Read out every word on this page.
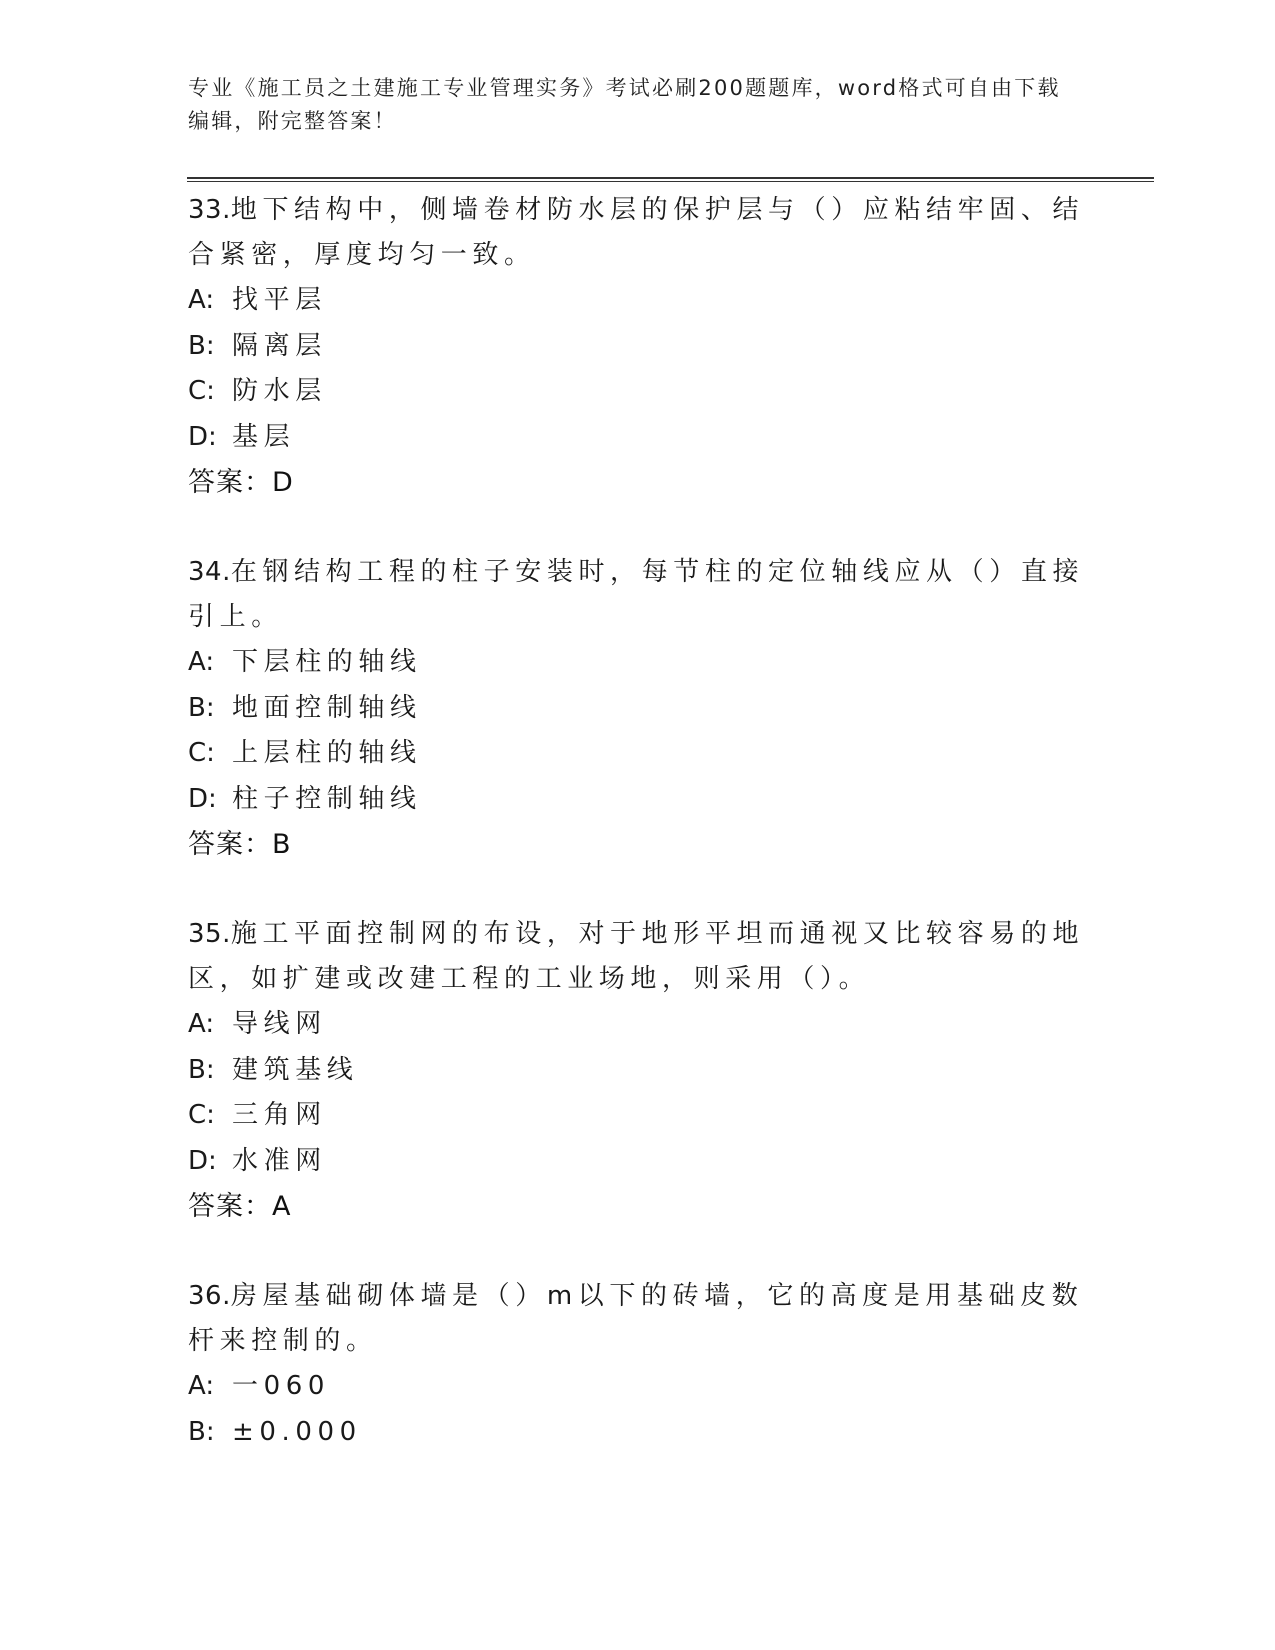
专业《施工员之土建施工专业管理实务》考试必刷200题题库，word格式可自由下载编辑，附完整答案！
33.地下结构中，侧墙卷材防水层的保护层与（）应粘结牢固、结合紧密，厚度均匀一致。
A: 找平层
B: 隔离层
C: 防水层
D: 基层
答案：D
34.在钢结构工程的柱子安装时，每节柱的定位轴线应从（）直接引上。
A: 下层柱的轴线
B: 地面控制轴线
C: 上层柱的轴线
D: 柱子控制轴线
答案：B
35.施工平面控制网的布设，对于地形平坦而通视又比较容易的地区，如扩建或改建工程的工业场地，则采用（）。
A: 导线网
B: 建筑基线
C: 三角网
D: 水准网
答案：A
36.房屋基础砌体墙是（）m以下的砖墙，它的高度是用基础皮数杆来控制的。
A: 一060
B: ±0.000
